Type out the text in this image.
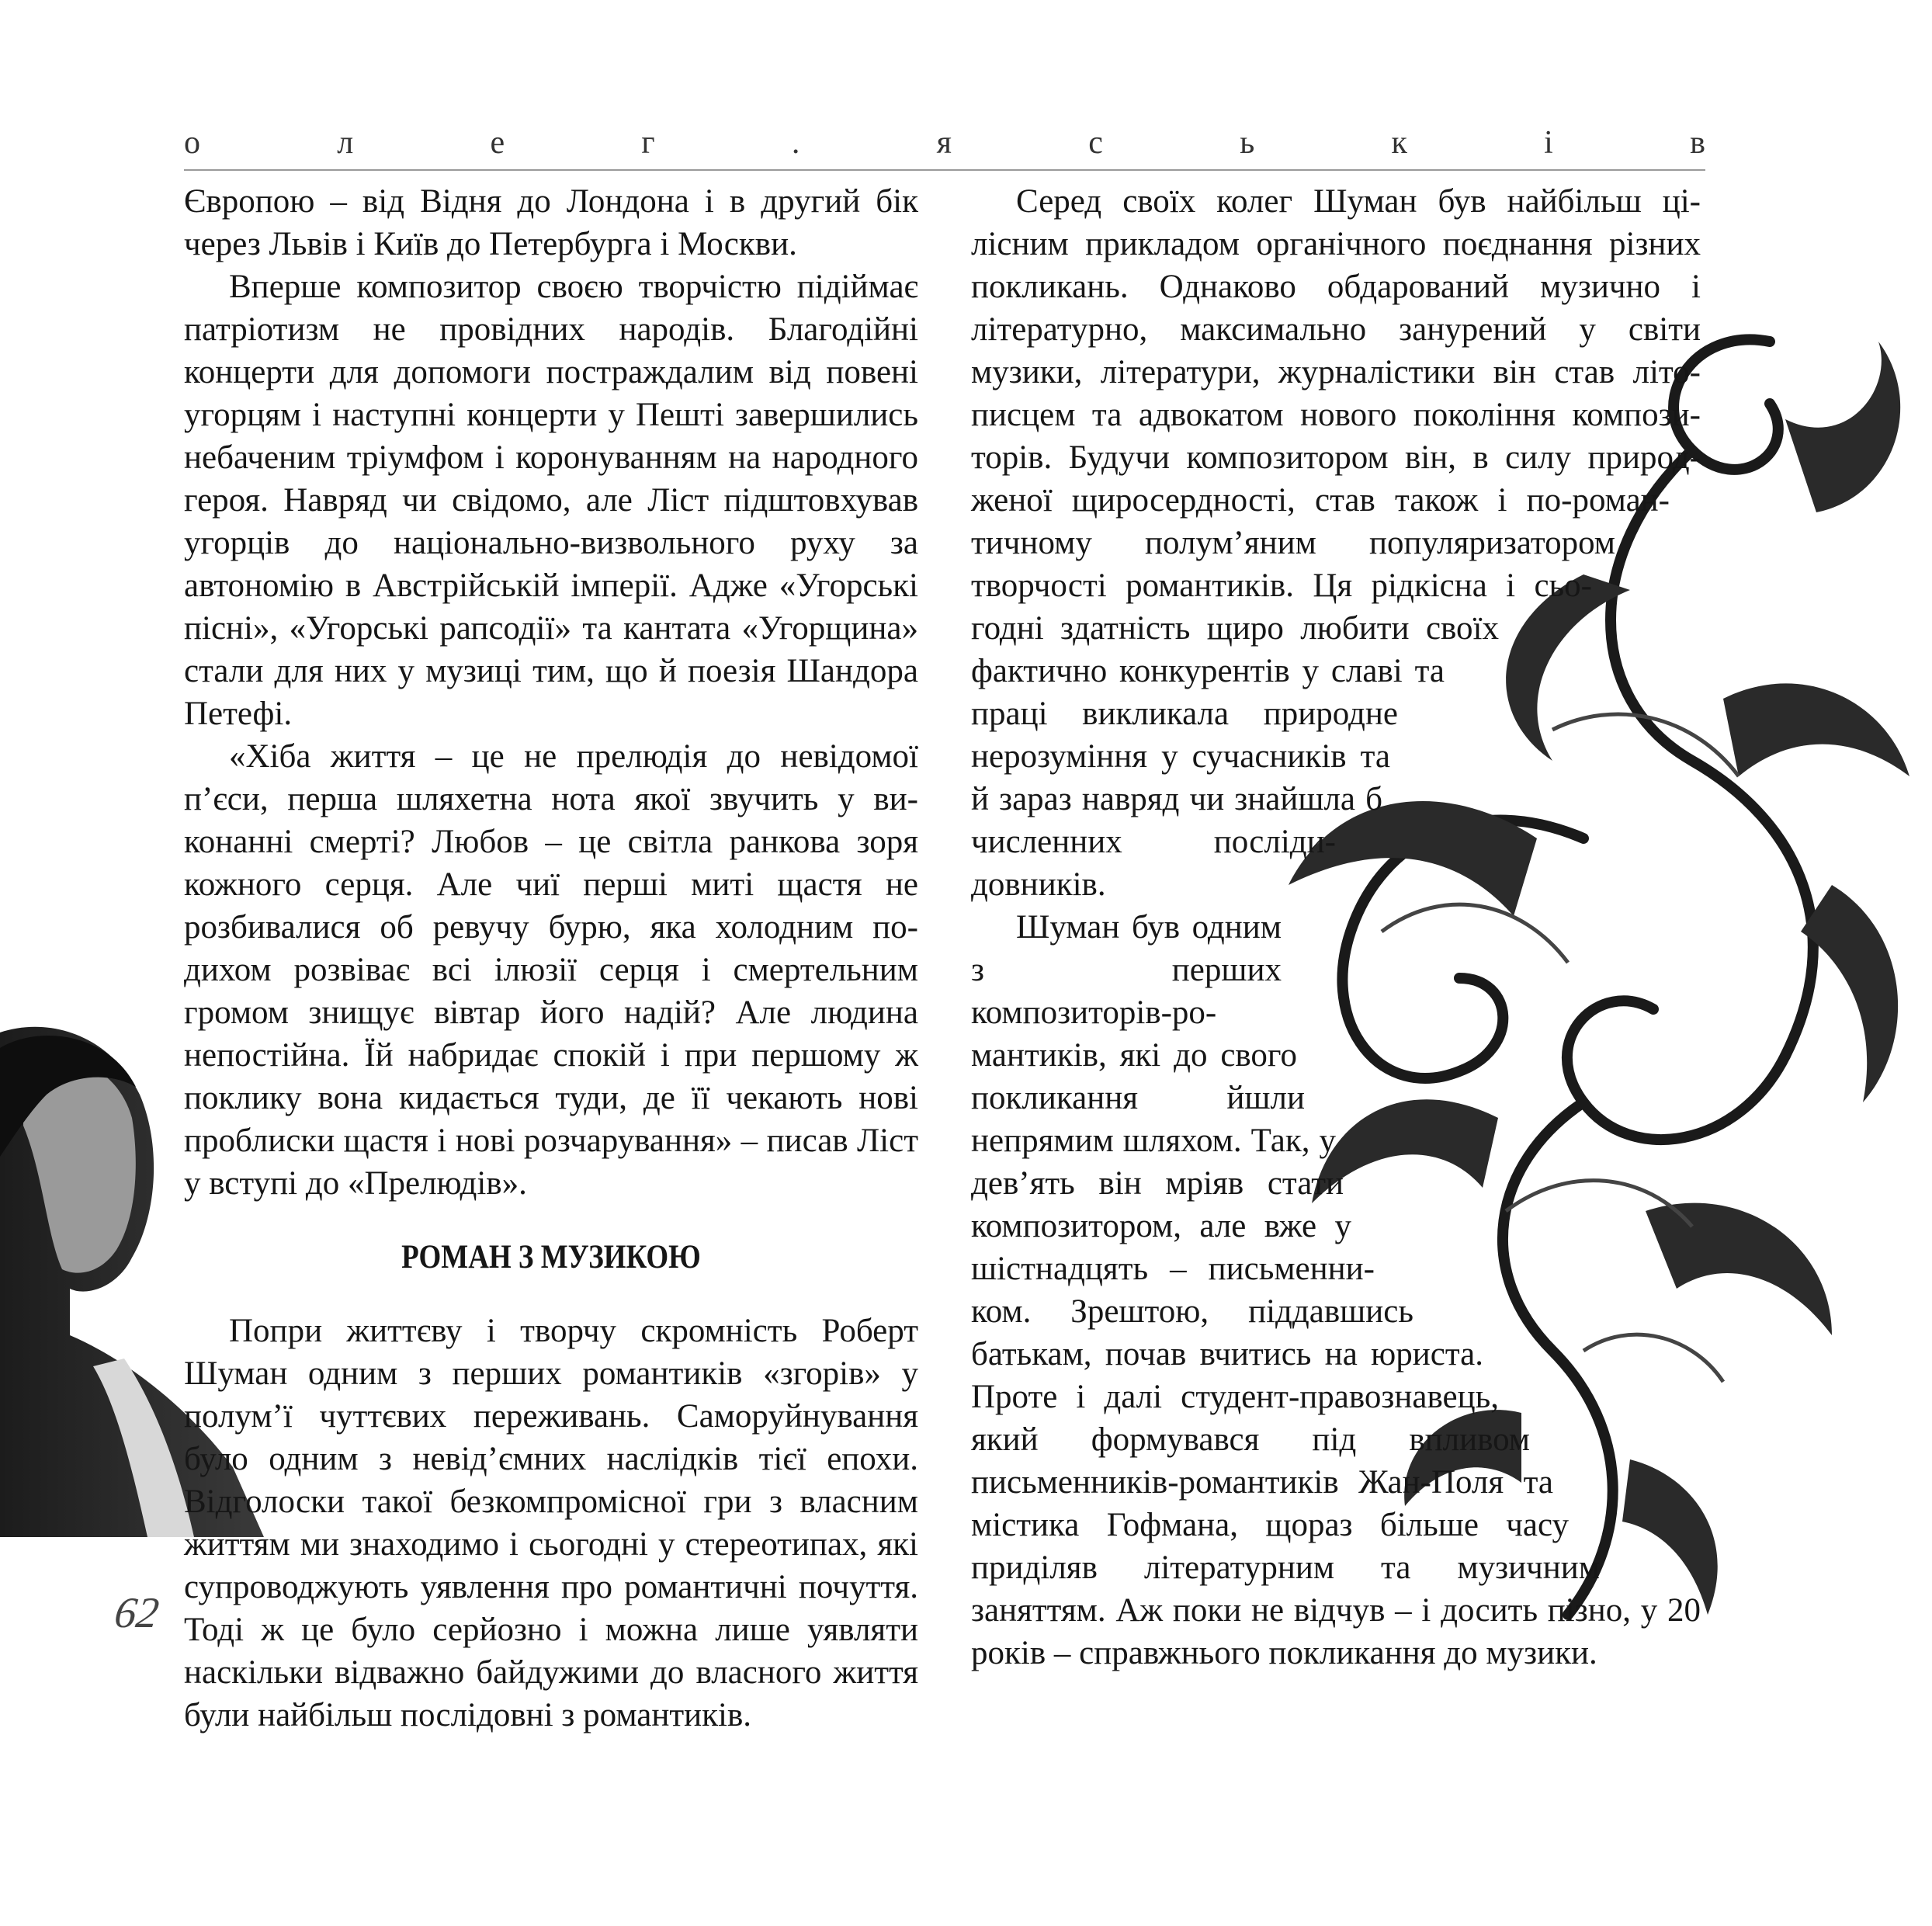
о	л	е	г	.	я	с	ь	к	і	в
62

Європою – від Відня до Лондона і в другий бік через Львів і Київ до Петербурга і Москви.

Вперше композитор своєю творчістю підіймає патріотизм не провідних народів. Благодійні концерти для допомоги постраждалим від повені угорцям і наступні концерти у Пешті завершились небаченим тріумфом і коронуванням на народного героя. Навряд чи свідомо, але Ліст підштовхував угорців до національно-визвольного руху за автономію в Австрійській імперії. Адже «Угорські пісні», «Угорські рапсодії» та кантата «Угорщина» стали для них у музиці тим, що й поезія Шандора Петефі.

«Хіба життя – це не прелюдія до невідомої п’єси, перша шляхетна нота якої звучить у виконанні смерті? Любов – це світла ранкова зоря кожного серця. Але чиї перші миті щастя не розбивалися об ревучу бурю, яка холодним подихом розвіває всі ілюзії серця і смертельним громом знищує вівтар його надій? Але людина непостійна. Їй набридає спокій і при першому ж поклику вона кидається туди, де її чекають нові проблиски щастя і нові розчарування» – писав Ліст у вступі до «Прелюдів».

РОМАН З МУЗИКОЮ

Попри життєву і творчу скромність Роберт Шуман одним з перших романтиків «згорів» у полум’ї чуттєвих переживань. Саморуйнування було одним з невід’ємних наслідків тієї епохи. Відголоски такої безкомпромісної гри з власним життям ми знаходимо і сьогодні у стереотипах, які супроводжують уявлення про романтичні почуття. Тоді ж це було серйозно і можна лише уявляти наскільки відважно байдужими до власного життя були найбільш послідовні з романтиків.

Серед своїх колег Шуман був найбільш цілісним прикладом органічного поєднання різних покликань. Однаково обдарований музично і літературно, максимально занурений у світи музики, літератури, журналістики він став літописцем та адвокатом нового покоління композиторів. Будучи композитором він, в силу природженої щиросердності, став також і по-романтичному полум’яним популяризатором творчості романтиків. Ця рідкісна і сьогодні здатність щиро любити своїх фактично конкурентів у славі та праці викликала природне нерозуміння у сучасників та й зараз навряд чи знайшла б численних послідидовників.

Шуман був одним з перших композиторів-романтиків, які до свого покликання йшли непрямим шляхом. Так, у дев’ять він мріяв стати композитором, але вже у шістнадцять – письменником. Зрештою, піддавшись батькам, почав вчитись на юриста. Проте і далі студент-правознавець, який формувався під впливом письменників-романтиків Жан-Поля та містика Гофмана, щораз більше часу приділяв літературним та музичним заняттям. Аж поки не відчув – і досить пізно, у 20 років – справжнього покликання до музики.
